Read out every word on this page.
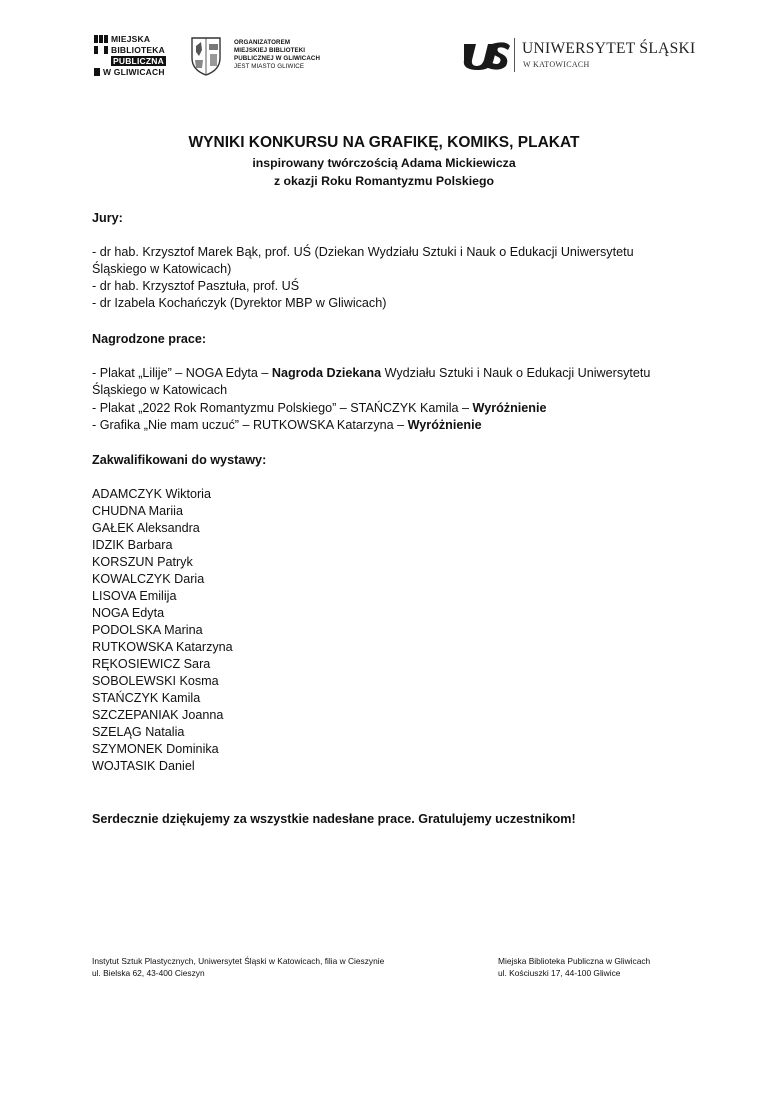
MIEJSKA
BIBLIOTEKA
PUBLICZNA
W GLIWICACH
ORGANIZATOREM
MIEJSKIEJ BIBLIOTEKI
PUBLICZNEJ W GLIWICACH
JEST MIASTO GLIWICE
UNIWERSYTET ŚLĄSKI
W KATOWICACH
WYNIKI KONKURSU NA GRAFIKĘ, KOMIKS, PLAKAT
inspirowany twórczością Adama Mickiewicza
z okazji Roku Romantyzmu Polskiego
Jury:
- dr hab. Krzysztof Marek Bąk, prof. UŚ (Dziekan Wydziału Sztuki i Nauk o Edukacji Uniwersytetu
Śląskiego w Katowicach)
- dr hab. Krzysztof Pasztuła, prof. UŚ
- dr Izabela Kochańczyk (Dyrektor MBP w Gliwicach)
Nagrodzone prace:
- Plakat „Lilije” – NOGA Edyta – Nagroda Dziekana Wydziału Sztuki i Nauk o Edukacji Uniwersytetu
Śląskiego w Katowicach
- Plakat „2022 Rok Romantyzmu Polskiego” – STAŃCZYK Kamila – Wyróżnienie
- Grafika „Nie mam uczuć” – RUTKOWSKA Katarzyna – Wyróżnienie
Zakwalifikowani do wystawy:
ADAMCZYK Wiktoria
CHUDNA Mariia
GAŁEK Aleksandra
IDZIK Barbara
KORSZUN Patryk
KOWALCZYK Daria
LISOVA Emilija
NOGA Edyta
PODOLSKA Marina
RUTKOWSKA Katarzyna
RĘKOSIEWICZ Sara
SOBOLEWSKI Kosma
STAŃCZYK Kamila
SZCZEPANIAK Joanna
SZELĄG Natalia
SZYMONEK Dominika
WOJTASIK Daniel
Serdecznie dziękujemy za wszystkie nadesłane prace. Gratulujemy uczestnikom!
Instytut Sztuk Plastycznych, Uniwersytet Śląski w Katowicach, filia w Cieszynie
ul. Bielska 62, 43-400 Cieszyn
Miejska Biblioteka Publiczna w Gliwicach
ul. Kościuszki 17, 44-100 Gliwice
